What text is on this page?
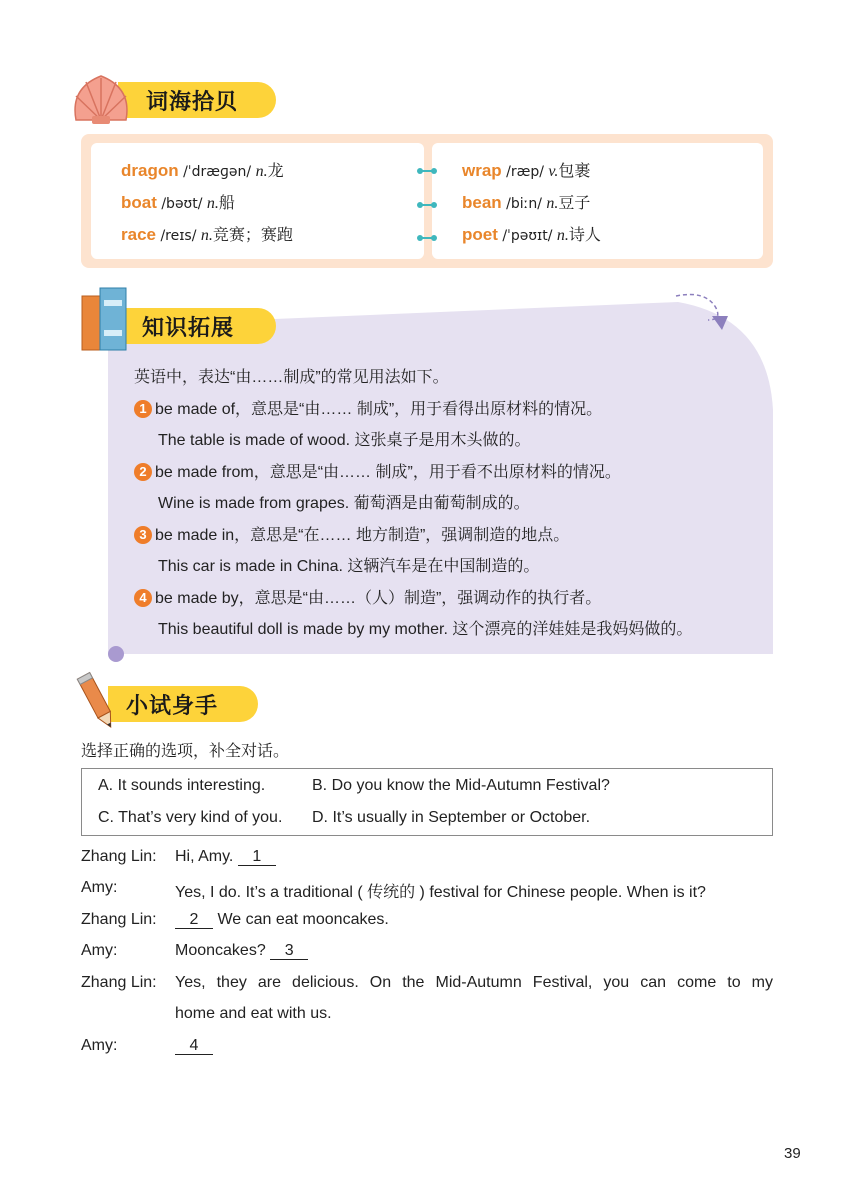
词海拾贝
dragon /ˈdræɡən/ n.龙
boat /bəʊt/ n.船
race /reɪs/ n.竞赛；赛跑
wrap /ræp/ v.包裹
bean /biːn/ n.豆子
poet /ˈpəʊɪt/ n.诗人
知识拓展
英语中，表达“由……制成”的常见用法如下。
1 be made of，意思是“由…… 制成”，用于看得出原材料的情况。
The table is made of wood. 这张桌子是用木头做的。
2 be made from，意思是“由…… 制成”，用于看不出原材料的情况。
Wine is made from grapes. 葡萄酒是由葡萄制成的。
3 be made in，意思是“在…… 地方制造”，强调制造的地点。
This car is made in China. 这辆汽车是在中国制造的。
4 be made by，意思是“由……（人）制造”，强调动作的执行者。
This beautiful doll is made by my mother. 这个漂亮的洋娃娃是我妈妈做的。
小试身手
选择正确的选项，补全对话。
A. It sounds interesting.	B. Do you know the Mid-Autumn Festival?
C. That’s very kind of you. D. It’s usually in September or October.
Zhang Lin: Hi, Amy. 1
Amy:	Yes, I do. It’s a traditional ( 传统的 ) festival for Chinese people. When is it?
Zhang Lin:	2 We can eat mooncakes.
Amy:	Mooncakes? 3
Zhang Lin: Yes, they are delicious. On the Mid-Autumn Festival, you can come to my
home and eat with us.
Amy:	4
39
